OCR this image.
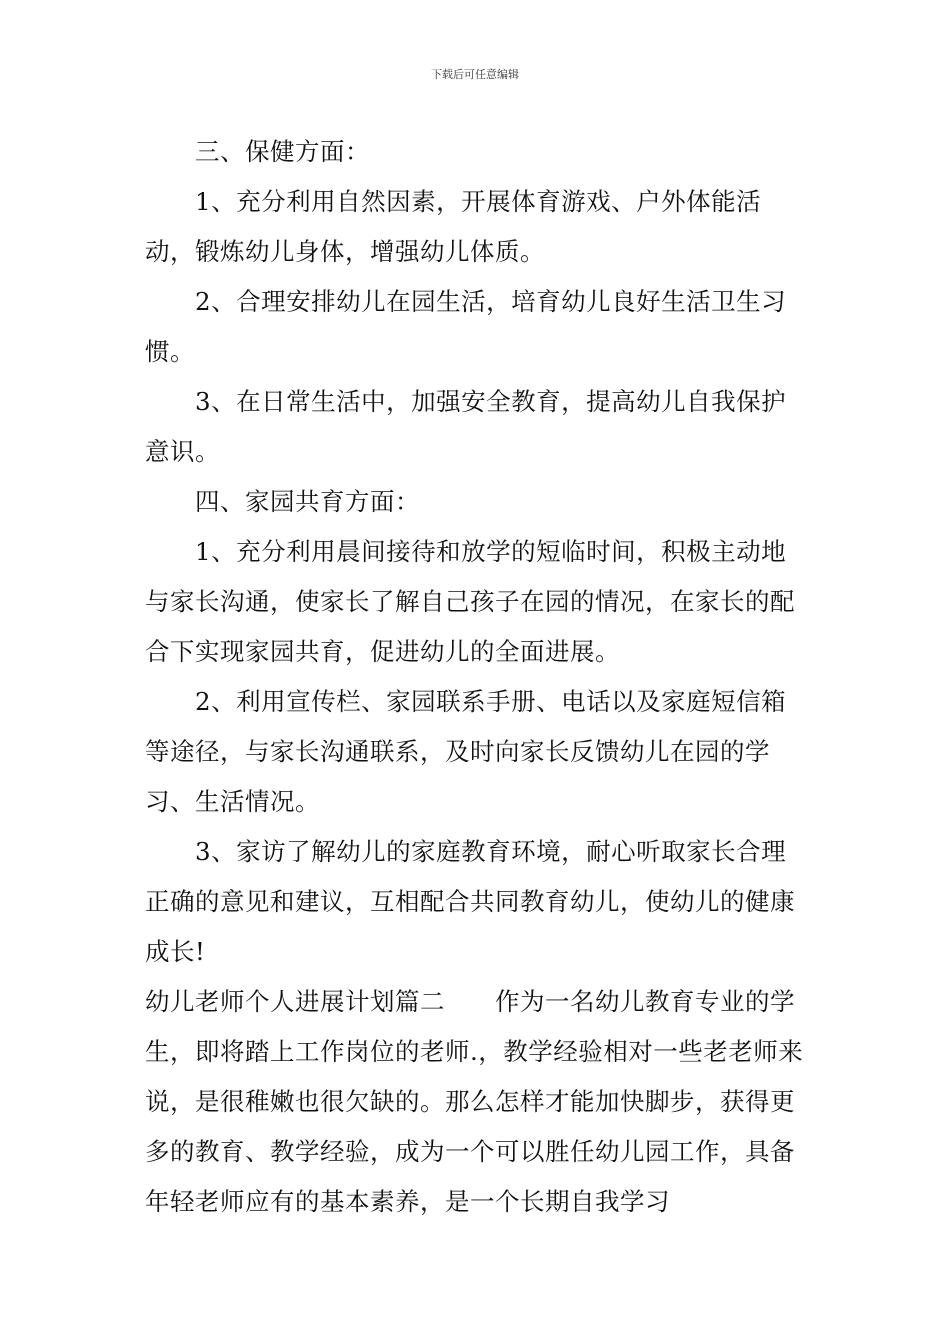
下载后可任意编辑

三、保健方面：

1、充分利用自然因素，开展体育游戏、户外体能活动，锻炼幼儿身体，增强幼儿体质。

2、合理安排幼儿在园生活，培育幼儿良好生活卫生习惯。

3、在日常生活中，加强安全教育，提高幼儿自我保护意识。

四、家园共育方面：

1、充分利用晨间接待和放学的短临时间，积极主动地与家长沟通，使家长了解自己孩子在园的情况，在家长的配合下实现家园共育，促进幼儿的全面进展。

2、利用宣传栏、家园联系手册、电话以及家庭短信箱等途径，与家长沟通联系，及时向家长反馈幼儿在园的学习、生活情况。

3、家访了解幼儿的家庭教育环境，耐心听取家长合理正确的意见和建议，互相配合共同教育幼儿，使幼儿的健康成长!

幼儿老师个人进展计划篇二　　作为一名幼儿教育专业的学生，即将踏上工作岗位的老师.，教学经验相对一些老老师来说，是很稚嫩也很欠缺的。那么怎样才能加快脚步，获得更多的教育、教学经验，成为一个可以胜任幼儿园工作，具备年轻老师应有的基本素养，是一个长期自我学习
